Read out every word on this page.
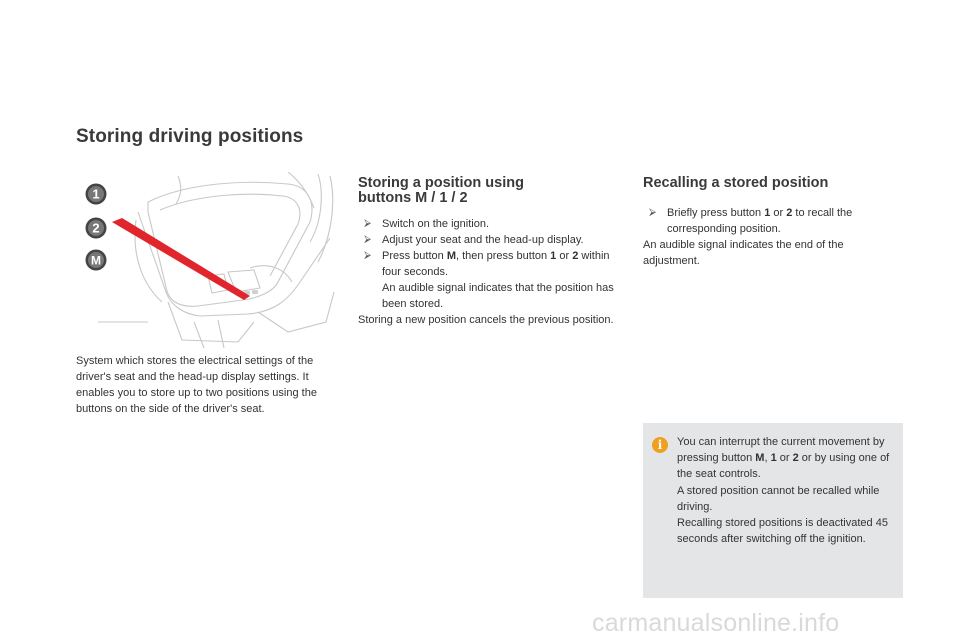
Storing driving positions
1
2
M
System which stores the electrical settings of the driver's seat and the head-up display settings. It enables you to store up to two positions using the buttons on the side of the driver's seat.
Storing a position using
buttons M / 1 / 2
⮚ Switch on the ignition.
⮚ Adjust your seat and the head-up display.
⮚ Press button M, then press button 1 or 2 within four seconds.
An audible signal indicates that the position has been stored.

Storing a new position cancels the previous position.

Recalling a stored position
⮚ Briefly press button 1 or 2 to recall the corresponding position.

An audible signal indicates the end of the adjustment.

i	You can interrupt the current movement by pressing button M, 1 or 2 or by using one of the seat controls.
A stored position cannot be recalled while driving.
Recalling stored positions is deactivated 45 seconds after switching off the ignition.
carmanualsonline.info
